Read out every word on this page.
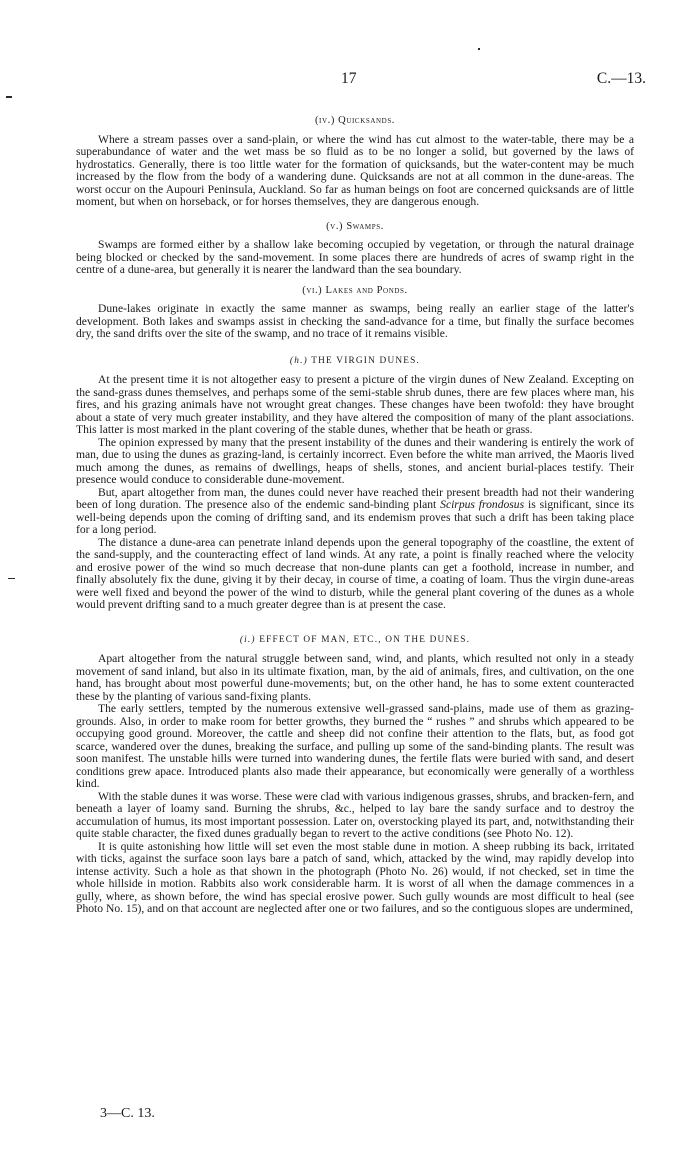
17	C.—13.
(iv.) Quicksands.

Where a stream passes over a sand-plain, or where the wind has cut almost to the water-table, there may be a superabundance of water and the wet mass be so fluid as to be no longer a solid, but governed by the laws of hydrostatics. Generally, there is too little water for the formation of quicksands, but the water-content may be much increased by the flow from the body of a wandering dune. Quicksands are not at all common in the dune-areas. The worst occur on the Aupouri Peninsula, Auckland. So far as human beings on foot are concerned quicksands are of little moment, but when on horseback, or for horses themselves, they are dangerous enough.

(v.) Swamps.

Swamps are formed either by a shallow lake becoming occupied by vegetation, or through the natural drainage being blocked or checked by the sand-movement. In some places there are hundreds of acres of swamp right in the centre of a dune-area, but generally it is nearer the landward than the sea boundary.

(vi.) Lakes and Ponds.

Dune-lakes originate in exactly the same manner as swamps, being really an earlier stage of the latter's development. Both lakes and swamps assist in checking the sand-advance for a time, but finally the surface becomes dry, the sand drifts over the site of the swamp, and no trace of it remains visible.

(h.) THE VIRGIN DUNES.

At the present time it is not altogether easy to present a picture of the virgin dunes of New Zealand. Excepting on the sand-grass dunes themselves, and perhaps some of the semi-stable shrub dunes, there are few places where man, his fires, and his grazing animals have not wrought great changes. These changes have been twofold: they have brought about a state of very much greater instability, and they have altered the composition of many of the plant associations. This latter is most marked in the plant covering of the stable dunes, whether that be heath or grass.

The opinion expressed by many that the present instability of the dunes and their wandering is entirely the work of man, due to using the dunes as grazing-land, is certainly incorrect. Even before the white man arrived, the Maoris lived much among the dunes, as remains of dwellings, heaps of shells, stones, and ancient burial-places testify. Their presence would conduce to considerable dune-movement.

But, apart altogether from man, the dunes could never have reached their present breadth had not their wandering been of long duration. The presence also of the endemic sand-binding plant Scirpus frondosus is significant, since its well-being depends upon the coming of drifting sand, and its endemism proves that such a drift has been taking place for a long period.

The distance a dune-area can penetrate inland depends upon the general topography of the coastline, the extent of the sand-supply, and the counteracting effect of land winds. At any rate, a point is finally reached where the velocity and erosive power of the wind so much decrease that non-dune plants can get a foothold, increase in number, and finally absolutely fix the dune, giving it by their decay, in course of time, a coating of loam. Thus the virgin dune-areas were well fixed and beyond the power of the wind to disturb, while the general plant covering of the dunes as a whole would prevent drifting sand to a much greater degree than is at present the case.

(i.) EFFECT OF MAN, ETC., ON THE DUNES.

Apart altogether from the natural struggle between sand, wind, and plants, which resulted not only in a steady movement of sand inland, but also in its ultimate fixation, man, by the aid of animals, fires, and cultivation, on the one hand, has brought about most powerful dune-movements; but, on the other hand, he has to some extent counteracted these by the planting of various sand-fixing plants.

The early settlers, tempted by the numerous extensive well-grassed sand-plains, made use of them as grazing-grounds. Also, in order to make room for better growths, they burned the “ rushes ” and shrubs which appeared to be occupying good ground. Moreover, the cattle and sheep did not confine their attention to the flats, but, as food got scarce, wandered over the dunes, breaking the surface, and pulling up some of the sand-binding plants. The result was soon manifest. The unstable hills were turned into wandering dunes, the fertile flats were buried with sand, and desert conditions grew apace. Introduced plants also made their appearance, but economically were generally of a worthless kind.

With the stable dunes it was worse. These were clad with various indigenous grasses, shrubs, and bracken-fern, and beneath a layer of loamy sand. Burning the shrubs, &c., helped to lay bare the sandy surface and to destroy the accumulation of humus, its most important possession. Later on, overstocking played its part, and, notwithstanding their quite stable character, the fixed dunes gradually began to revert to the active conditions (see Photo No. 12).

It is quite astonishing how little will set even the most stable dune in motion. A sheep rubbing its back, irritated with ticks, against the surface soon lays bare a patch of sand, which, attacked by the wind, may rapidly develop into intense activity. Such a hole as that shown in the photograph (Photo No. 26) would, if not checked, set in time the whole hillside in motion. Rabbits also work considerable harm. It is worst of all when the damage commences in a gully, where, as shown before, the wind has special erosive power. Such gully wounds are most difficult to heal (see Photo No. 15), and on that account are neglected after one or two failures, and so the contiguous slopes are undermined,

3—C. 13.
